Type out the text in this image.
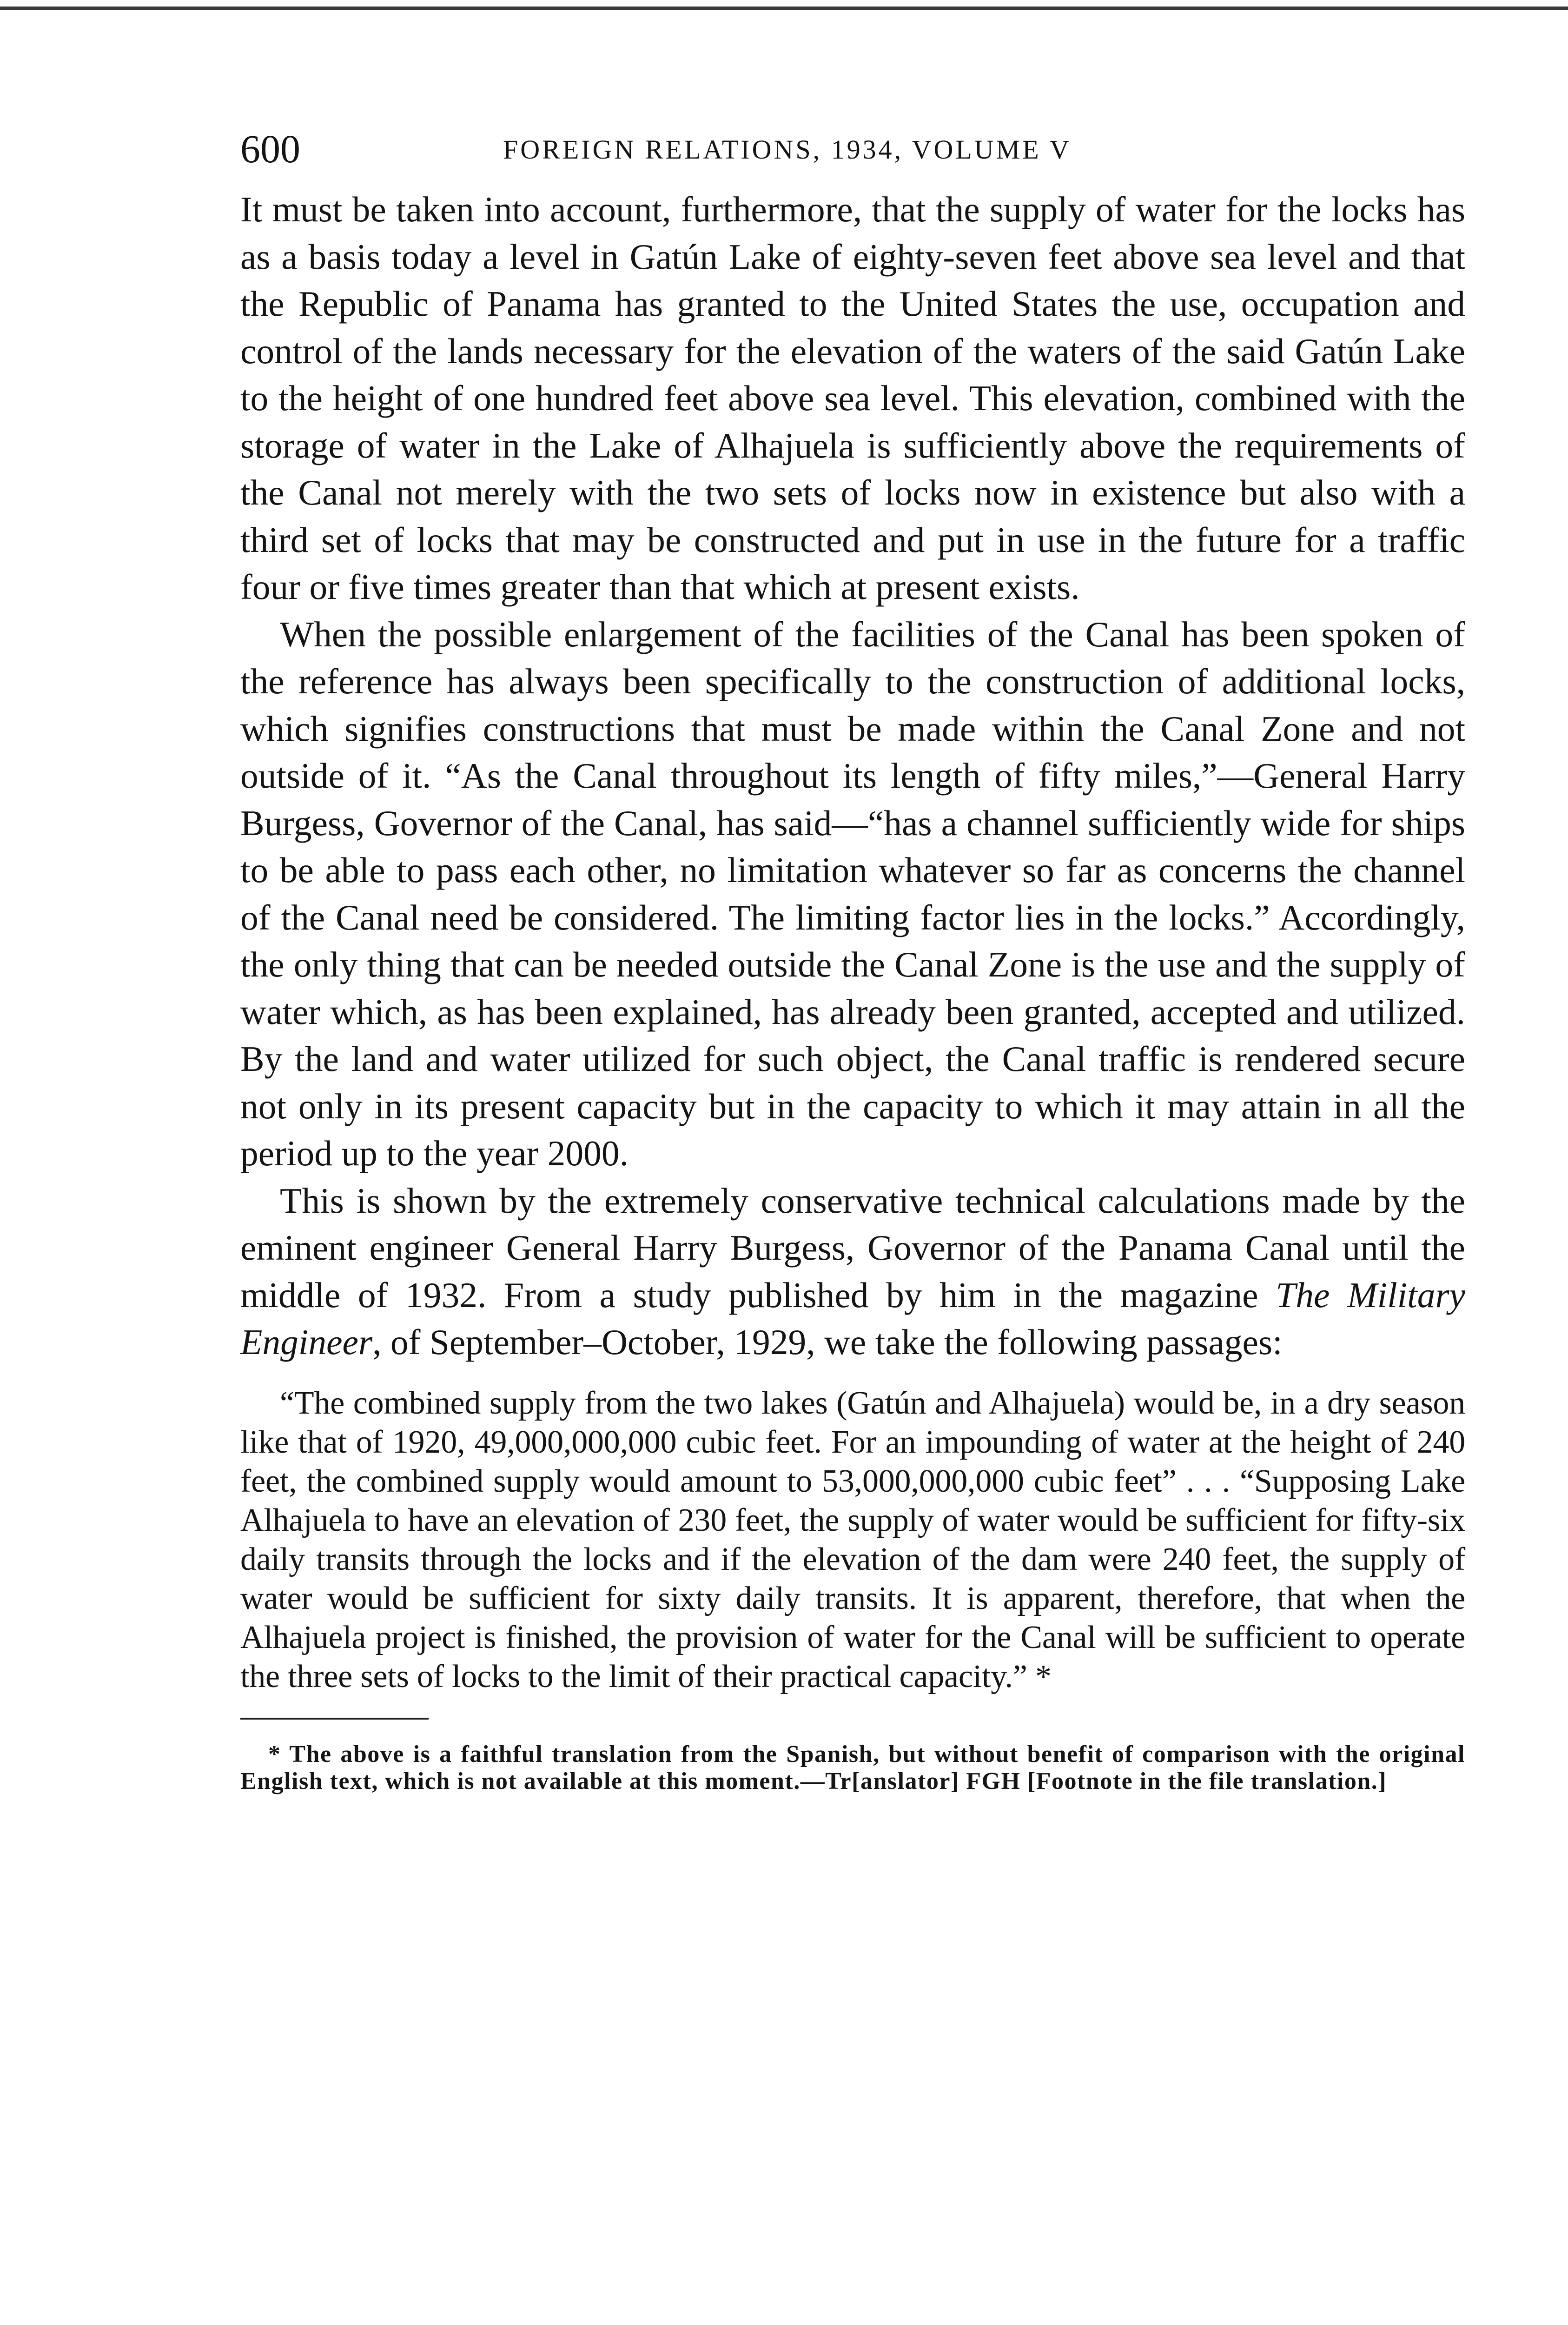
600	FOREIGN RELATIONS, 1934, VOLUME V

It must be taken into account, furthermore, that the supply of water for the locks has as a basis today a level in Gatún Lake of eighty-seven feet above sea level and that the Republic of Panama has granted to the United States the use, occupation and control of the lands necessary for the elevation of the waters of the said Gatún Lake to the height of one hundred feet above sea level. This elevation, combined with the storage of water in the Lake of Alhajuela is sufficiently above the requirements of the Canal not merely with the two sets of locks now in existence but also with a third set of locks that may be constructed and put in use in the future for a traffic four or five times greater than that which at present exists.

When the possible enlargement of the facilities of the Canal has been spoken of the reference has always been specifically to the construction of additional locks, which signifies constructions that must be made within the Canal Zone and not outside of it. “As the Canal throughout its length of fifty miles,”—General Harry Burgess, Governor of the Canal, has said—“has a channel sufficiently wide for ships to be able to pass each other, no limitation whatever so far as concerns the channel of the Canal need be considered. The limiting factor lies in the locks.” Accordingly, the only thing that can be needed outside the Canal Zone is the use and the supply of water which, as has been explained, has already been granted, accepted and utilized. By the land and water utilized for such object, the Canal traffic is rendered secure not only in its present capacity but in the capacity to which it may attain in all the period up to the year 2000.

This is shown by the extremely conservative technical calculations made by the eminent engineer General Harry Burgess, Governor of the Panama Canal until the middle of 1932. From a study published by him in the magazine The Military Engineer, of September–October, 1929, we take the following passages:

“The combined supply from the two lakes (Gatún and Alhajuela) would be, in a dry season like that of 1920, 49,000,000,000 cubic feet. For an impounding of water at the height of 240 feet, the combined supply would amount to 53,000,000,000 cubic feet” . . . “Supposing Lake Alhajuela to have an elevation of 230 feet, the supply of water would be sufficient for fifty-six daily transits through the locks and if the elevation of the dam were 240 feet, the supply of water would be sufficient for sixty daily transits. It is apparent, therefore, that when the Alhajuela project is finished, the provision of water for the Canal will be sufficient to operate the three sets of locks to the limit of their practical capacity.” *

* The above is a faithful translation from the Spanish, but without benefit of comparison with the original English text, which is not available at this moment.—Tr[anslator] FGH [Footnote in the file translation.]
